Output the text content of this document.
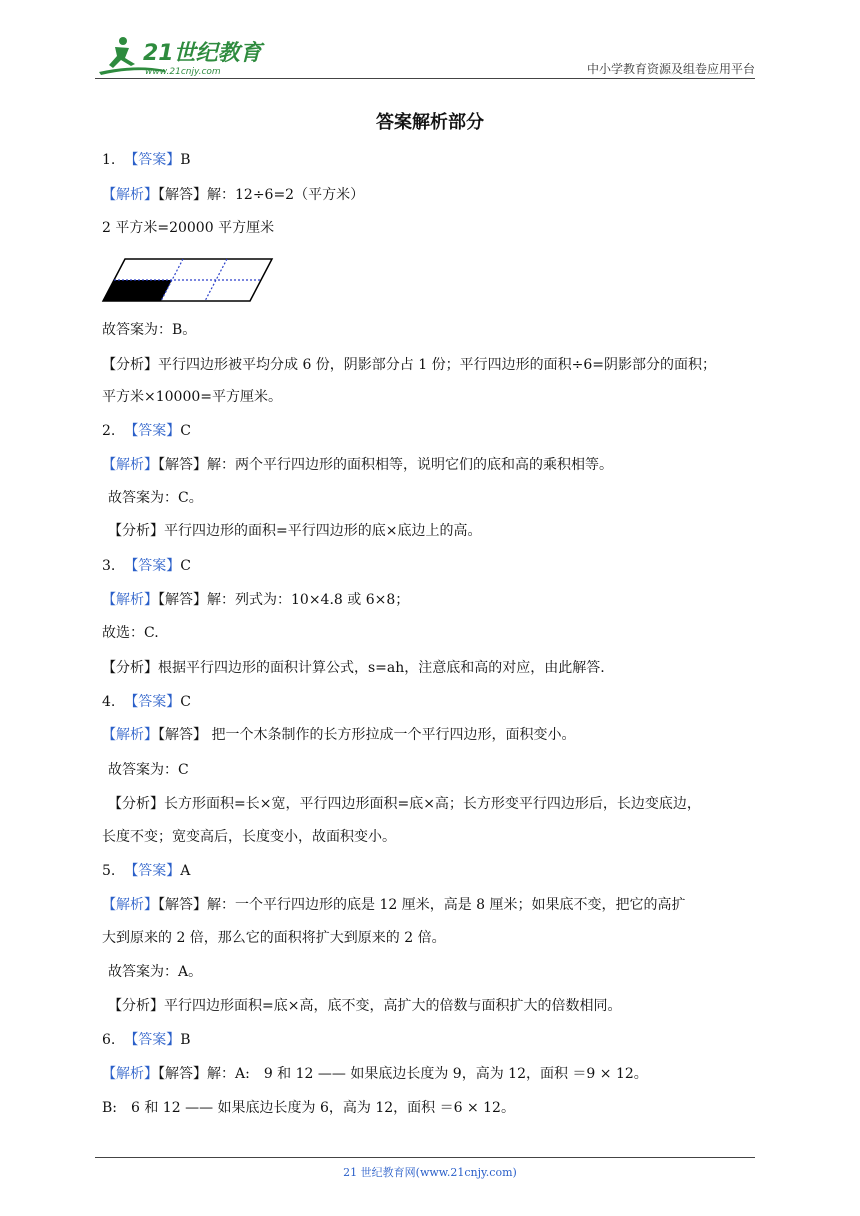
21世纪教育
www.21cnjy.com	中小学教育资源及组卷应用平台
答案解析部分
1. 【答案】B
【解析】【解答】解：12÷6=2（平方米）
2 平方米=20000 平方厘米
故答案为：B。
【分析】平行四边形被平均分成 6 份，阴影部分占 1 份；平行四边形的面积÷6=阴影部分的面积；
平方米×10000=平方厘米。
2. 【答案】C
【解析】【解答】解：两个平行四边形的面积相等，说明它们的底和高的乘积相等。
故答案为：C。
【分析】平行四边形的面积=平行四边形的底×底边上的高。
3. 【答案】C
【解析】【解答】解：列式为：10×4.8 或 6×8；
故选：C.
【分析】根据平行四边形的面积计算公式，s=ah，注意底和高的对应，由此解答.
4. 【答案】C
【解析】【解答】 把一个木条制作的长方形拉成一个平行四边形，面积变小。
故答案为：C
【分析】长方形面积=长×宽，平行四边形面积=底×高；长方形变平行四边形后，长边变底边，
长度不变；宽变高后，长度变小，故面积变小。
5. 【答案】A
【解析】【解答】解：一个平行四边形的底是 12 厘米，高是 8 厘米；如果底不变，把它的高扩
大到原来的 2 倍，那么它的面积将扩大到原来的 2 倍。
故答案为：A。
【分析】平行四边形面积=底×高，底不变，高扩大的倍数与面积扩大的倍数相同。
6. 【答案】B
【解析】【解答】解：A:　9 和 12 —— 如果底边长度为 9，高为 12，面积 ＝9 × 12。
B:　6 和 12 —— 如果底边长度为 6，高为 12，面积 ＝6 × 12。
21 世纪教育网(www.21cnjy.com)
